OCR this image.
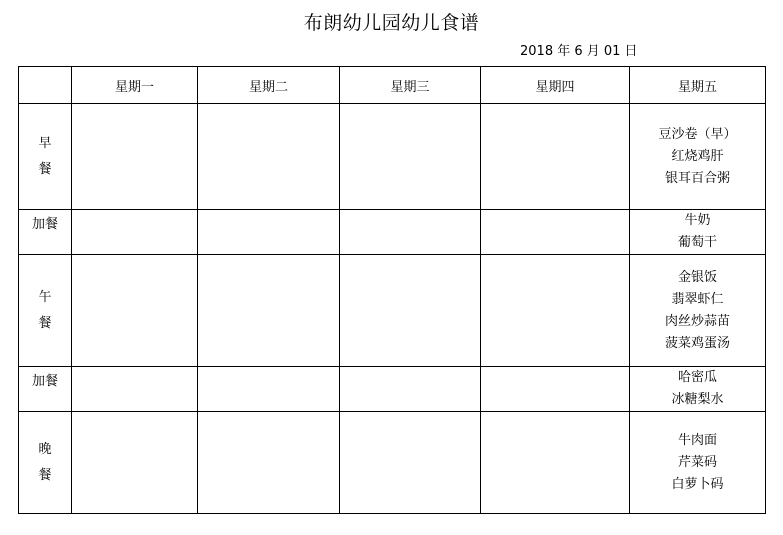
布朗幼儿园幼儿食谱
2018 年 6 月 01 日
	星期一	星期二	星期三	星期四	星期五

早
餐					豆沙卷（早）
红烧鸡肝
银耳百合粥

加餐					牛奶
葡萄干

午
餐					金银饭
翡翠虾仁
肉丝炒蒜苗
菠菜鸡蛋汤

加餐					哈密瓜
冰糖梨水

晚
餐					牛肉面
芹菜码
白萝卜码
